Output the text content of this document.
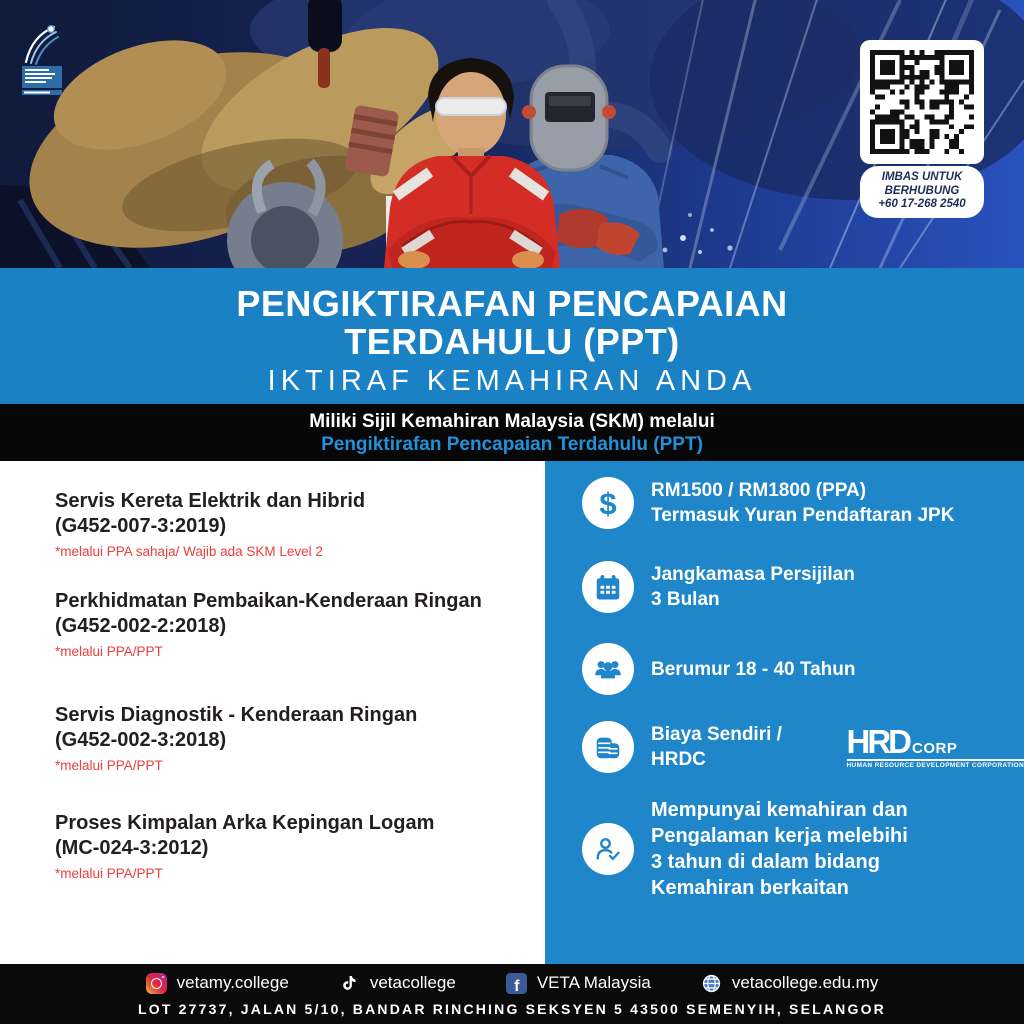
IMBAS UNTUK
BERHUBUNG
+60 17-268 2540
PENGIKTIRAFAN PENCAPAIAN
TERDAHULU (PPT)
IKTIRAF KEMAHIRAN ANDA
Miliki Sijil Kemahiran Malaysia (SKM) melalui
Pengiktirafan Pencapaian Terdahulu (PPT)
Servis Kereta Elektrik dan Hibrid
(G452-007-3:2019)
*melalui PPA sahaja/ Wajib ada SKM Level 2
Perkhidmatan Pembaikan-Kenderaan Ringan
(G452-002-2:2018)
*melalui PPA/PPT
Servis Diagnostik - Kenderaan Ringan
(G452-002-3:2018)
*melalui PPA/PPT
Proses Kimpalan Arka Kepingan Logam
(MC-024-3:2012)
*melalui PPA/PPT
$ RM1500 / RM1800 (PPA)
Termasuk Yuran Pendaftaran JPK
Jangkamasa Persijilan
3 Bulan
Berumur 18 - 40 Tahun
Biaya Sendiri / HRDC	HRD CORP
HUMAN RESOURCE DEVELOPMENT CORPORATION
Mempunyai kemahiran dan
Pengalaman kerja melebihi
3 tahun di dalam bidang
Kemahiran berkaitan
vetamy.college	vetacollege	f	VETA Malaysia	vetacollege.edu.my
LOT 27737, JALAN 5/10, BANDAR RINCHING SEKSYEN 5 43500 SEMENYIH, SELANGOR
